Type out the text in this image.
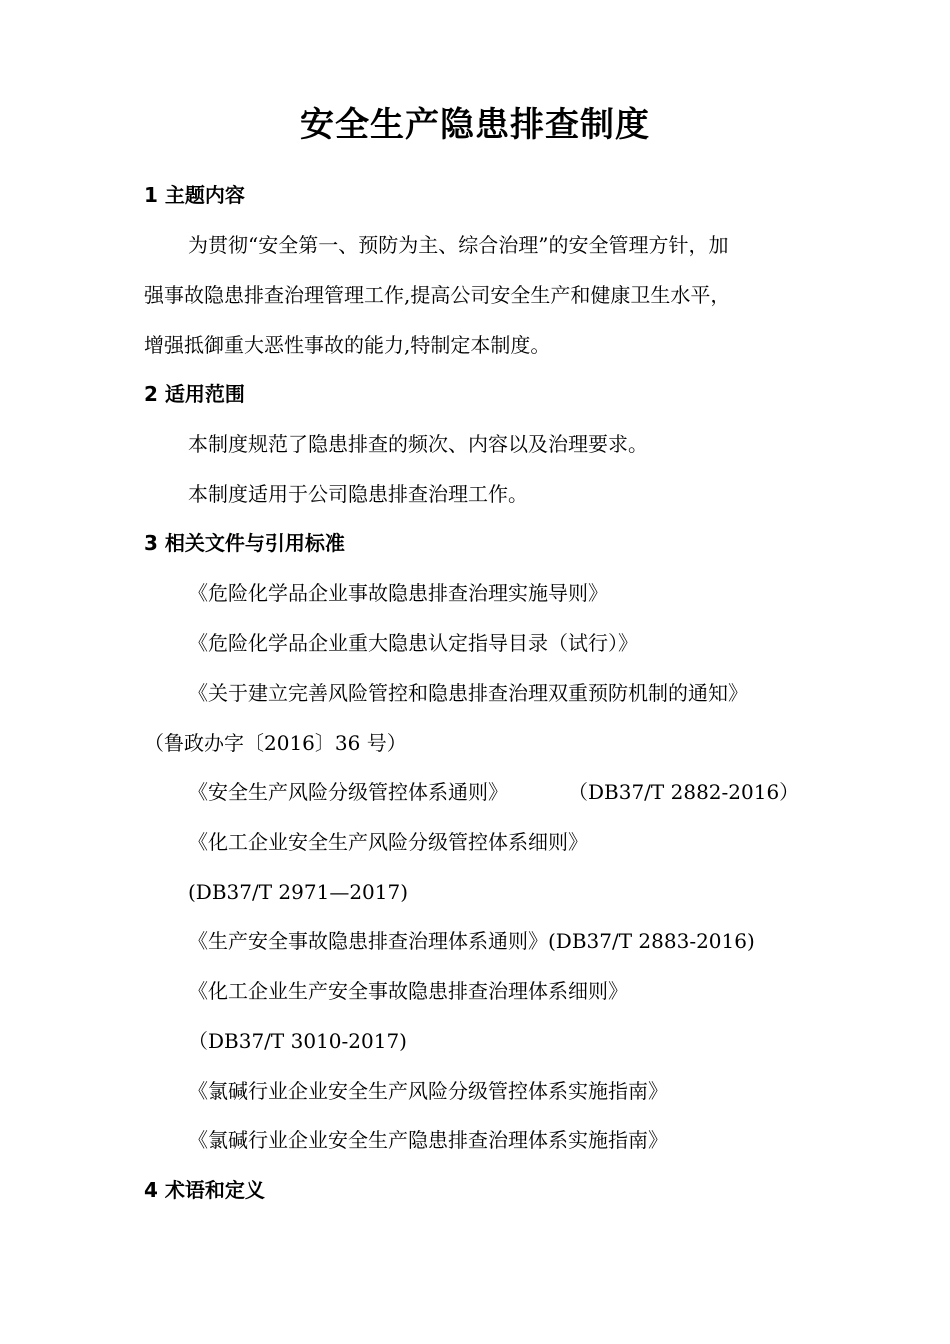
安全生产隐患排查制度
1 主题内容
为贯彻“安全第一、预防为主、综合治理”的安全管理方针，加
强事故隐患排查治理管理工作,提高公司安全生产和健康卫生水平，
增强抵御重大恶性事故的能力,特制定本制度。
2 适用范围
本制度规范了隐患排查的频次、内容以及治理要求。
本制度适用于公司隐患排查治理工作。
3 相关文件与引用标准
《危险化学品企业事故隐患排查治理实施导则》
《危险化学品企业重大隐患认定指导目录（试行）》
《关于建立完善风险管控和隐患排查治理双重预防机制的通知》
（鲁政办字〔2016〕36 号）
《安全生产风险分级管控体系通则》	（DB37/T 2882-2016）
《化工企业安全生产风险分级管控体系细则》
(DB37/T 2971—2017)
《生产安全事故隐患排查治理体系通则》(DB37/T 2883-2016)
《化工企业生产安全事故隐患排查治理体系细则》
（DB37/T 3010-2017)
《氯碱行业企业安全生产风险分级管控体系实施指南》
《氯碱行业企业安全生产隐患排查治理体系实施指南》
4 术语和定义
